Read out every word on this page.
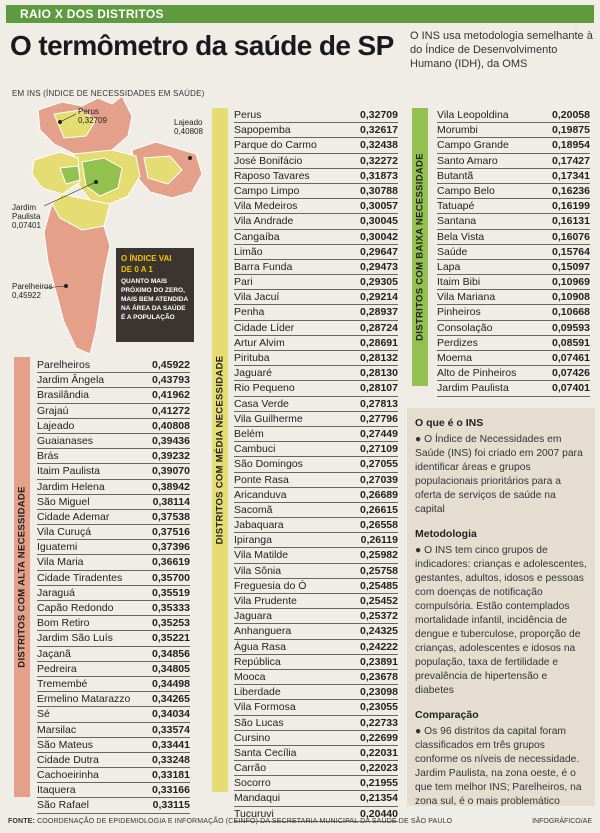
RAIO X DOS DISTRITOS
O termômetro da saúde de SP O INS usa metodologia semelhante à do Índice de Desenvolvimento Humano (IDH), da OMS
EM INS (ÍNDICE DE NECESSIDADES EM SAÚDE)
Perus
0,32709	Lajeado
0,40808
Jardim Paulista
0,07401
Parelheiros
0,45922
O ÍNDICE VAI
DE 0 A 1
QUANTO MAIS PRÓXIMO DO ZERO, MAIS BEM ATENDIDA NA ÁREA DA SAÚDE É A POPULAÇÃO
DISTRITOS COM ALTA NECESSIDADE
Parelheiros	0,45922
Jardim Ângela	0,43793
Brasilândia	0,41962
Grajaú	0,41272
Lajeado	0,40808
Guaianases	0,39436
Brás	0,39232
Itaim Paulista	0,39070
Jardim Helena	0,38942
São Miguel	0,38114
Cidade Ademar	0,37538
Vila Curuçá	0,37516
Iguatemi	0,37396
Vila Maria	0,36619
Cidade Tiradentes	0,35700
Jaraguá	0,35519
Capão Redondo	0,35333
Bom Retiro	0,35253
Jardim São Luís	0,35221
Jaçanã	0,34856
Pedreira	0,34805
Tremembé	0,34498
Ermelino Matarazzo 0,34265
Sé	0,34034
Marsilac	0,33574
São Mateus	0,33441
Cidade Dutra	0,33248
Cachoeirinha	0,33181
Itaquera	0,33166
São Rafael	0,33115
DISTRITOS COM MÉDIA NECESSIDADE
Perus	0,32709
Sapopemba	0,32617
Parque do Carmo	0,32438
José Bonifácio	0,32272
Raposo Tavares	0,31873
Campo Limpo	0,30788
Vila Medeiros	0,30057
Vila Andrade	0,30045
Cangaíba	0,30042
Limão	0,29647
Barra Funda	0,29473
Pari	0,29305
Vila Jacuí	0,29214
Penha	0,28937
Cidade Líder	0,28724
Artur Alvim	0,28691
Pirituba	0,28132
Jaguaré	0,28130
Rio Pequeno	0,28107
Casa Verde	0,27813
Vila Guilherme	0,27796
Belém	0,27449
Cambuci	0,27109
São Domingos	0,27055
Ponte Rasa	0,27039
Aricanduva	0,26689
Sacomã	0,26615
Jabaquara	0,26558
Ipiranga	0,26119
Vila Matilde	0,25982
Vila Sônia	0,25758
Freguesia do Ó	0,25485
Vila Prudente	0,25452
Jaguara	0,25372
Anhanguera	0,24325
Água Rasa	0,24222
República	0,23891
Mooca	0,23678
Liberdade	0,23098
Vila Formosa	0,23055
São Lucas	0,22733
Cursino	0,22699
Santa Cecília	0,22031
Carrão	0,22023
Socorro	0,21955
Mandaqui	0,21354
Tucuruvi	0,20440
DISTRITOS COM BAIXA NECESSIDADE
Vila Leopoldina	0,20058
Morumbi	0,19875
Campo Grande	0,18954
Santo Amaro	0,17427
Butantã	0,17341
Campo Belo	0,16236
Tatuapé	0,16199
Santana	0,16131
Bela Vista	0,16076
Saúde	0,15764
Lapa	0,15097
Itaim Bibi	0,10969
Vila Mariana	0,10908
Pinheiros	0,10668
Consolação	0,09593
Perdizes	0,08591
Moema	0,07461
Alto de Pinheiros	0,07426
Jardim Paulista	0,07401
O que é o INS

● O Índice de Necessidades em Saúde (INS) foi criado em 2007 para identificar áreas e grupos populacionais prioritários para a oferta de serviços de saúde na capital

Metodologia

● O INS tem cinco grupos de indicadores: crianças e adolescentes, gestantes, adultos, idosos e pessoas com doenças de notificação compulsória. Estão contemplados mortalidade infantil, incidência de dengue e tuberculose, proporção de crianças, adolescentes e idosos na população, taxa de fertilidade e prevalência de hipertensão e diabetes

Comparação

● Os 96 distritos da capital foram classificados em três grupos conforme os níveis de necessidade. Jardim Paulista, na zona oeste, é o que tem melhor INS; Parelheiros, na zona sul, é o mais problemático

FONTE: COORDENAÇÃO DE EPIDEMIOLOGIA E INFORMAÇÃO (CEINFO) DA SECRETARIA MUNICIPAL DA SAÚDE DE SÃO PAULO	INFOGRÁFICO/AE
